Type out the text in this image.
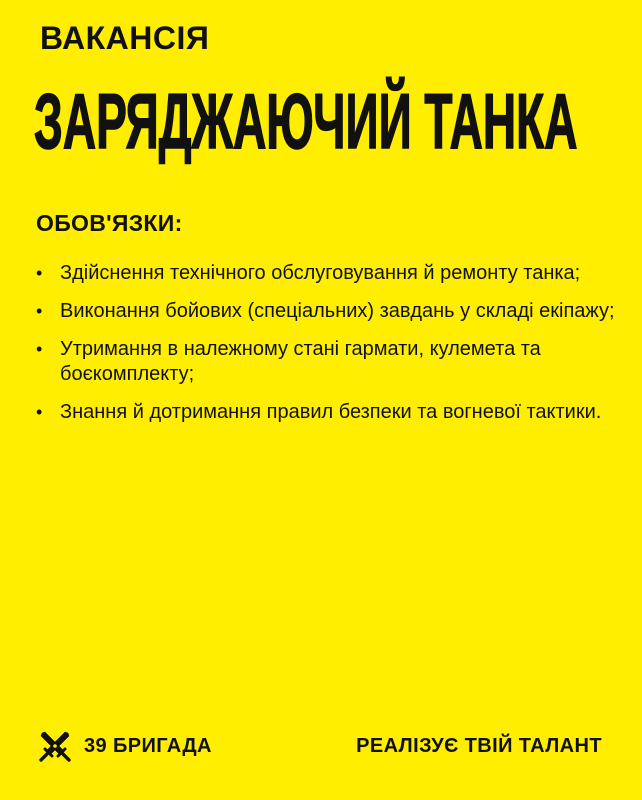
ВАКАНСІЯ
ЗАРЯДЖАЮЧИЙ ТАНКА
ОБОВ'ЯЗКИ:
• Здійснення технічного обслуговування й ремонту танка;
• Виконання бойових (спеціальних) завдань у складі екіпажу;
• Утримання в належному стані гармати, кулемета та боєкомплекту;
• Знання й дотримання правил безпеки та вогневої тактики.
39 БРИГАДА	РЕАЛІЗУЄ ТВІЙ ТАЛАНТ
